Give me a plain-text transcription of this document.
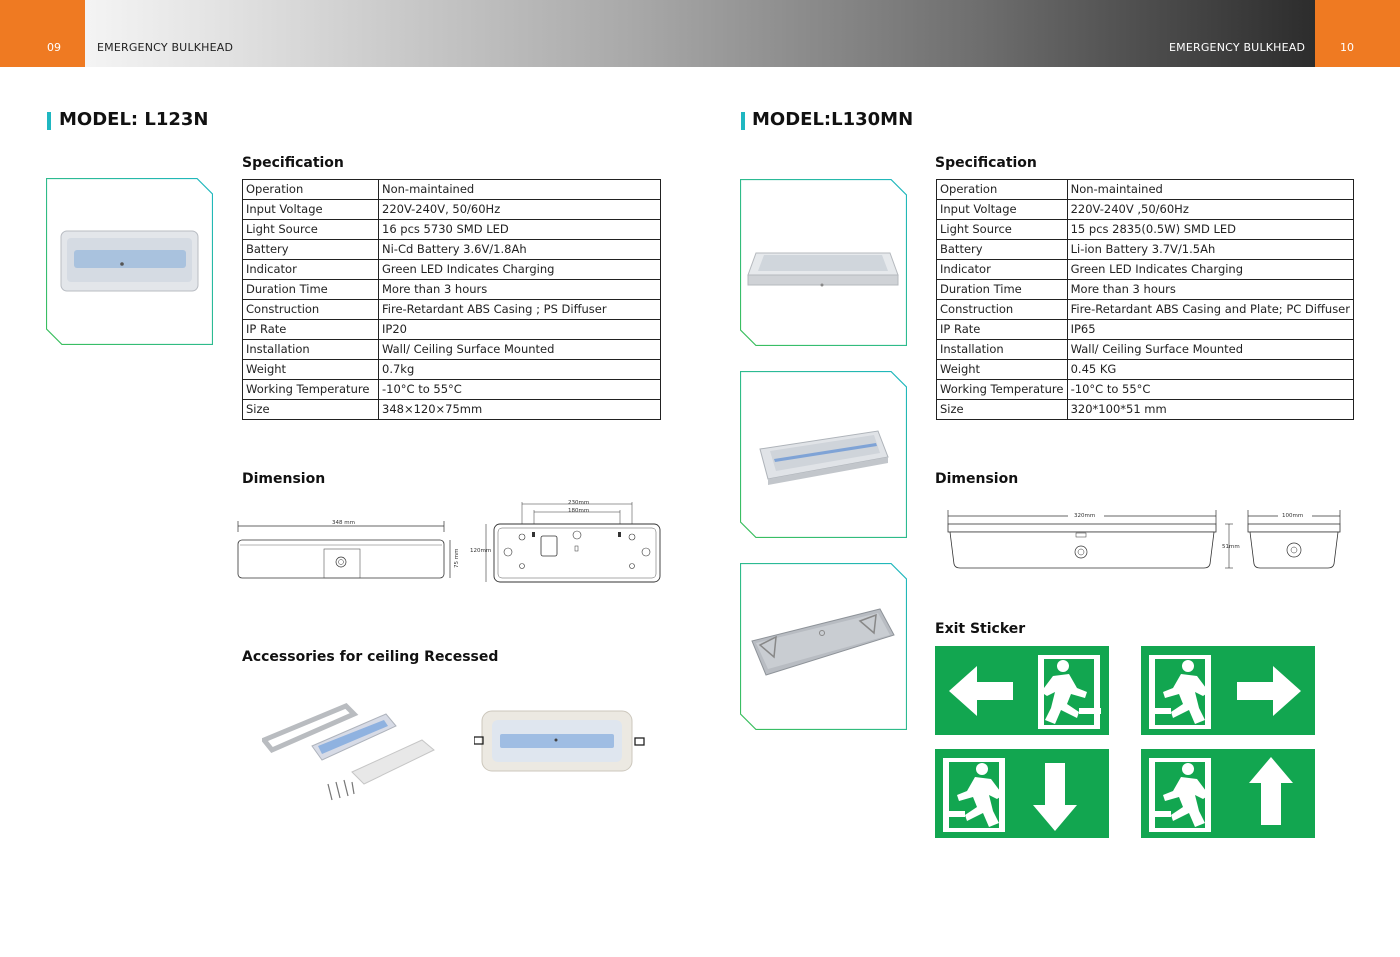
09	EMERGENCY BULKHEAD	EMERGENCY BULKHEAD	10
MODEL: L123N
Specification
Operation	Non-maintained
Input Voltage	220V-240V, 50/60Hz
Light Source	16 pcs 5730 SMD LED
Battery	Ni-Cd Battery 3.6V/1.8Ah
Indicator	Green LED Indicates Charging
Duration Time	More than 3 hours
Construction	Fire-Retardant ABS Casing ; PS Diffuser
IP Rate	IP20
Installation	Wall/ Ceiling Surface Mounted
Weight	0.7kg
Working Temperature	-10°C to 55°C
Size	348×120×75mm
Dimension
348 mm
75 mm
230mm
180mm
120mm
Accessories for ceiling Recessed
MODEL:L130MN
Specification
Operation	Non-maintained
Input Voltage	220V-240V ,50/60Hz
Light Source	15 pcs 2835(0.5W) SMD LED
Battery	Li-ion Battery 3.7V/1.5Ah
Indicator	Green LED Indicates Charging
Duration Time	More than 3 hours
Construction	Fire-Retardant ABS Casing and Plate; PC Diffuser
IP Rate	IP65
Installation	Wall/ Ceiling Surface Mounted
Weight	0.45 KG
Working Temperature	-10°C to 55°C
Size	320*100*51 mm
Dimension
320mm
51mm
100mm
Exit Sticker
